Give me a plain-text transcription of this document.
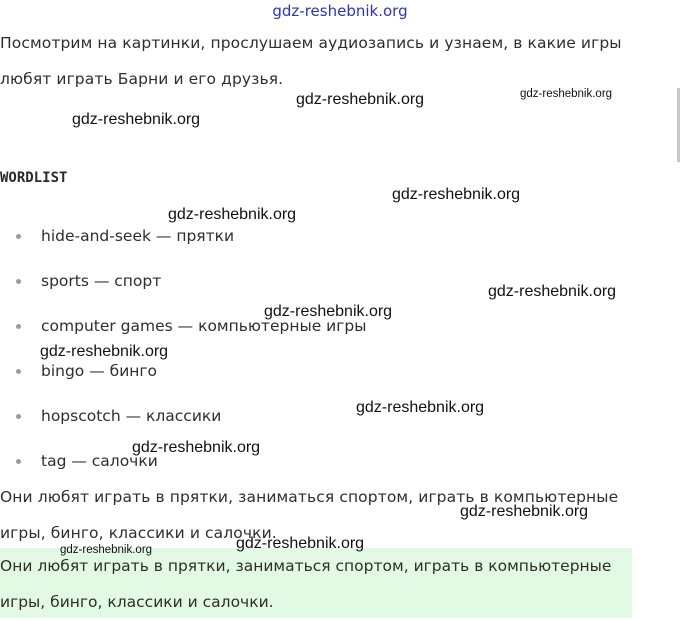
gdz-reshebnik.org
Посмотрим на картинки, прослушаем аудиозапись и узнаем, в какие игры любят играть Барни и его друзья.
WORDLIST
hide-and-seek — прятки
sports — спорт
computer games — компьютерные игры
bingo — бинго
hopscotch — классики
tag — салочки
Они любят играть в прятки, заниматься спортом, играть в компьютерные игры, бинго, классики и салочки.
Они любят играть в прятки, заниматься спортом, играть в компьютерные игры, бинго, классики и салочки.
gdz-reshebnik.org	gdz-reshebnik.org
gdz-reshebnik.org
gdz-reshebnik.org
gdz-reshebnik.org
gdz-reshebnik.org
gdz-reshebnik.org
gdz-reshebnik.org
gdz-reshebnik.org
gdz-reshebnik.org
gdz-reshebnik.org
gdz-reshebnik.org
gdz-reshebnik.org
